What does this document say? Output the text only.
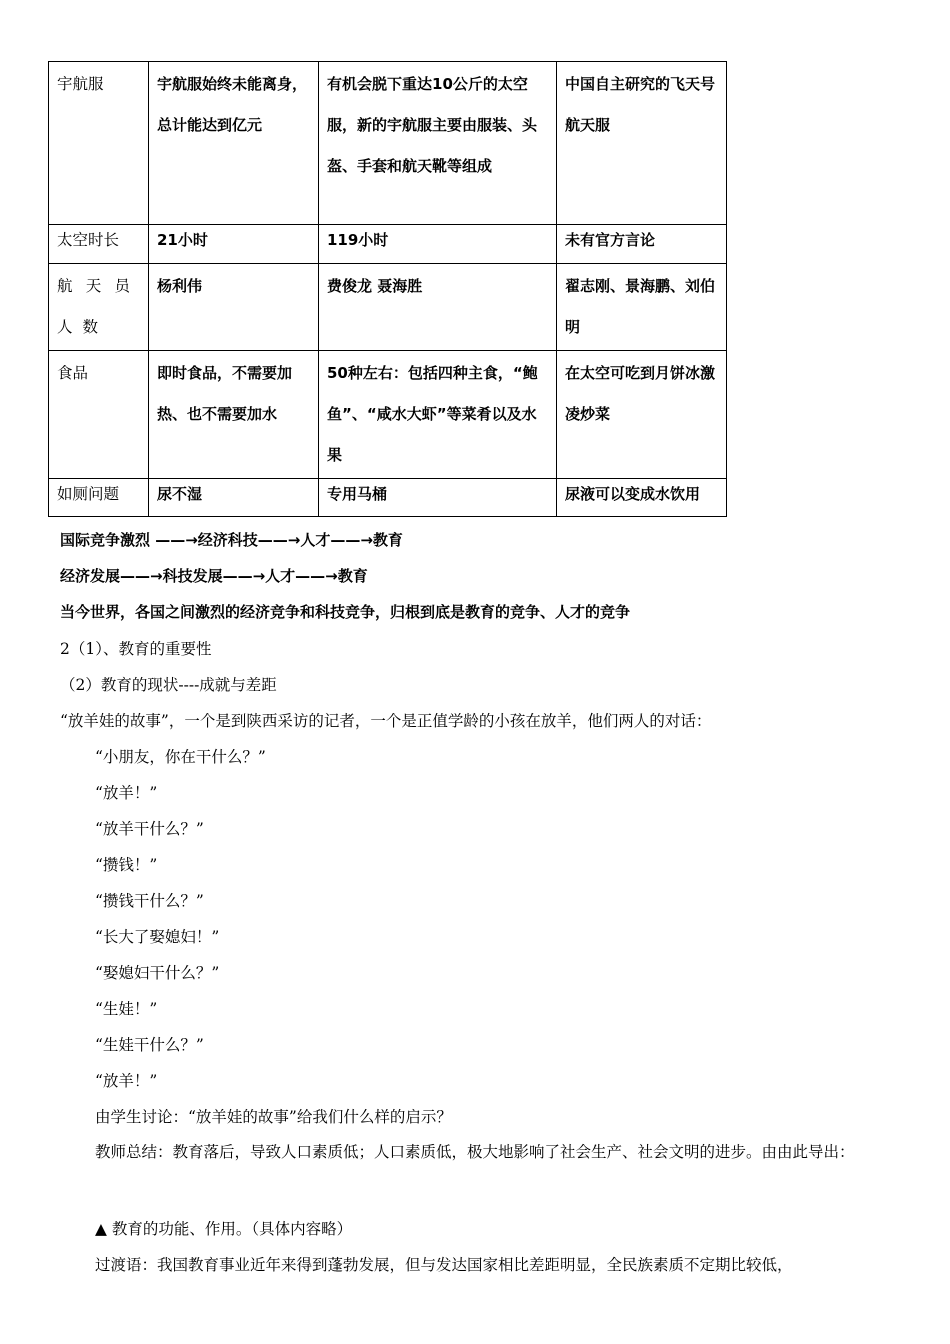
宇航服	宇航服始终未能离身，总计能达到亿元	有机会脱下重达10公斤的太空服，新的宇航服主要由服装、头盔、手套和航天靴等组成	中国自主研究的飞天号航天服
太空时长	21小时	119小时	未有官方言论
航天员人数	杨利伟	费俊龙 聂海胜	翟志刚、景海鹏、刘伯明
食品	即时食品，不需要加热、也不需要加水	50种左右：包括四种主食，“鲍鱼”、“咸水大虾”等菜肴以及水果	在太空可吃到月饼冰激凌炒菜
如厕问题	尿不湿	专用马桶	尿液可以变成水饮用
国际竞争激烈 ——→经济科技——→人才——→教育
经济发展——→科技发展——→人才——→教育
当今世界，各国之间激烈的经济竞争和科技竞争，归根到底是教育的竞争、人才的竞争
2（1）、教育的重要性
（2）教育的现状----成就与差距
“放羊娃的故事”，一个是到陕西采访的记者，一个是正值学龄的小孩在放羊，他们两人的对话：
“小朋友，你在干什么？”
“放羊！”
“放羊干什么？”
“攒钱！”
“攒钱干什么？”
“长大了娶媳妇！”
“娶媳妇干什么？”
“生娃！”
“生娃干什么？”
“放羊！”
由学生讨论：“放羊娃的故事”给我们什么样的启示？
教师总结：教育落后，导致人口素质低；人口素质低，极大地影响了社会生产、社会文明的进步。由由此导出：
▲ 教育的功能、作用。（具体内容略）
过渡语：我国教育事业近年来得到蓬勃发展，但与发达国家相比差距明显，全民族素质不定期比较低，
